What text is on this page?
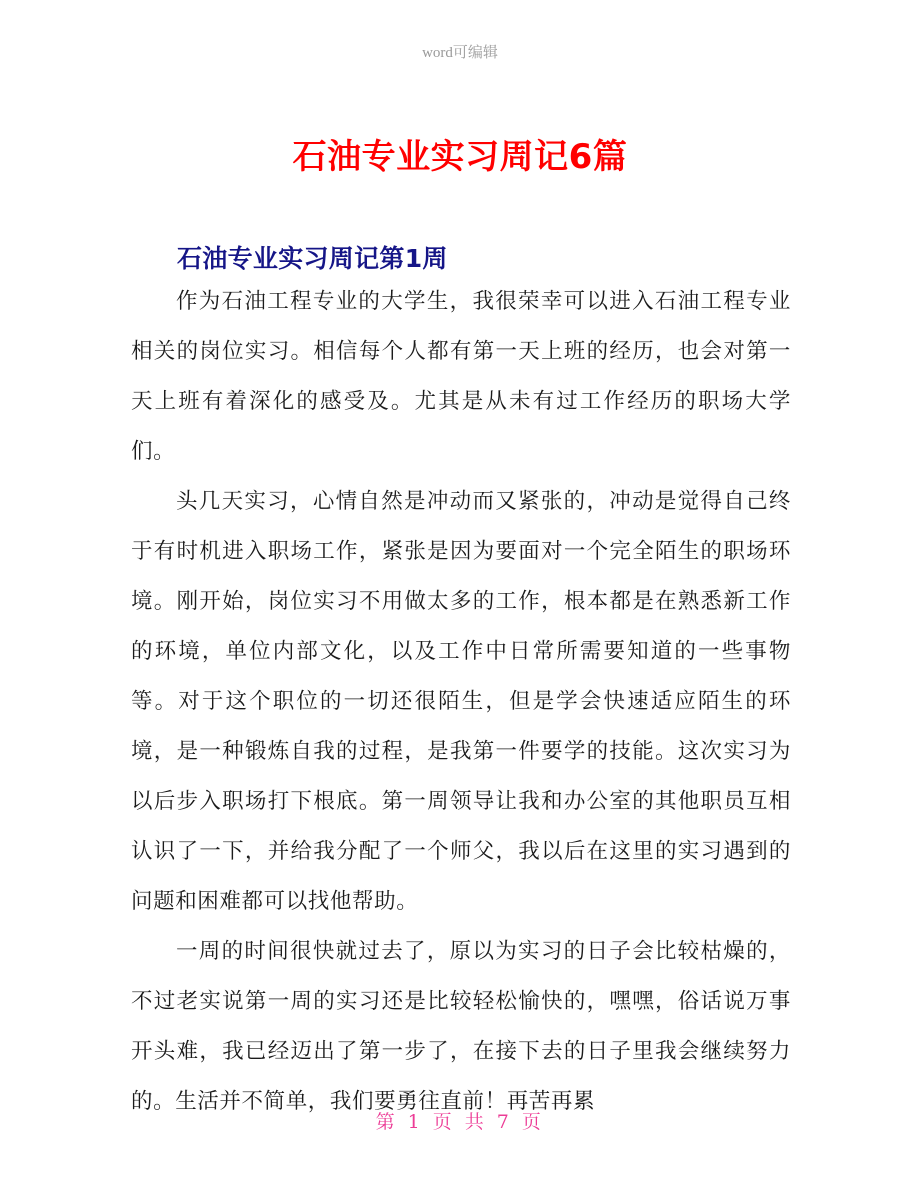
word可编辑
石油专业实习周记6篇
石油专业实习周记第1周

作为石油工程专业的大学生，我很荣幸可以进入石油工程专业相关的岗位实习。相信每个人都有第一天上班的经历，也会对第一天上班有着深化的感受及。尤其是从未有过工作经历的职场大学们。

头几天实习，心情自然是冲动而又紧张的，冲动是觉得自己终于有时机进入职场工作，紧张是因为要面对一个完全陌生的职场环境。刚开始，岗位实习不用做太多的工作，根本都是在熟悉新工作的环境，单位内部文化，以及工作中日常所需要知道的一些事物等。对于这个职位的一切还很陌生，但是学会快速适应陌生的环境，是一种锻炼自我的过程，是我第一件要学的技能。这次实习为以后步入职场打下根底。第一周领导让我和办公室的其他职员互相认识了一下，并给我分配了一个师父，我以后在这里的实习遇到的问题和困难都可以找他帮助。

一周的时间很快就过去了，原以为实习的日子会比较枯燥的，不过老实说第一周的实习还是比较轻松愉快的，嘿嘿，俗话说万事开头难，我已经迈出了第一步了，在接下去的日子里我会继续努力的。生活并不简单，我们要勇往直前！再苦再累

第 1 页 共 7 页
